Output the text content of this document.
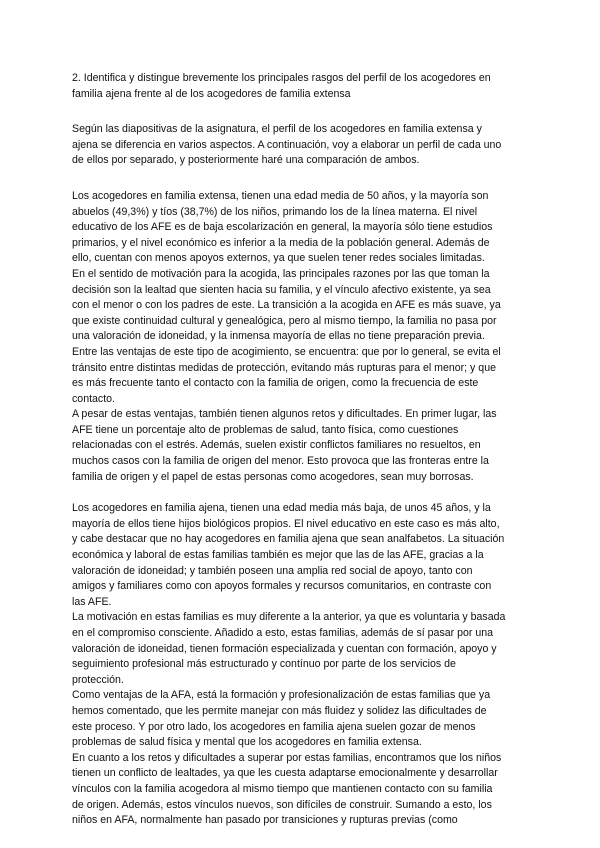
2. Identifica y distingue brevemente los principales rasgos del perfil de los acogedores en
familia ajena frente al de los acogedores de familia extensa
Según las diapositivas de la asignatura, el perfil de los acogedores en familia extensa y
ajena se diferencia en varios aspectos. A continuación, voy a elaborar un perfil de cada uno
de ellos por separado, y posteriormente haré una comparación de ambos.
Los acogedores en familia extensa, tienen una edad media de 50 años, y la mayoría son
abuelos (49,3%) y tíos (38,7%) de los niños, primando los de la línea materna. El nivel
educativo de los AFE es de baja escolarización en general, la mayoría sólo tiene estudios
primarios, y el nivel económico es inferior a la media de la población general. Además de
ello, cuentan con menos apoyos externos, ya que suelen tener redes sociales limitadas.
En el sentido de motivación para la acogida, las principales razones por las que toman la
decisión son la lealtad que sienten hacia su familia, y el vínculo afectivo existente, ya sea
con el menor o con los padres de este. La transición a la acogida en AFE es más suave, ya
que existe continuidad cultural y genealógica, pero al mismo tiempo, la familia no pasa por
una valoración de idoneidad, y la inmensa mayoría de ellas no tiene preparación previa.
Entre las ventajas de este tipo de acogimiento, se encuentra: que por lo general, se evita el
tránsito entre distintas medidas de protección, evitando más rupturas para el menor; y que
es más frecuente tanto el contacto con la familia de origen, como la frecuencia de este
contacto.
A pesar de estas ventajas, también tienen algunos retos y dificultades. En primer lugar, las
AFE tiene un porcentaje alto de problemas de salud, tanto física, como cuestiones
relacionadas con el estrés. Además, suelen existir conflictos familiares no resueltos, en
muchos casos con la familia de origen del menor. Esto provoca que las fronteras entre la
familia de origen y el papel de estas personas como acogedores, sean muy borrosas.
Los acogedores en familia ajena, tienen una edad media más baja, de unos 45 años, y la
mayoría de ellos tiene hijos biológicos propios. El nivel educativo en este caso es más alto,
y cabe destacar que no hay acogedores en familia ajena que sean analfabetos. La situación
económica y laboral de estas familias también es mejor que las de las AFE, gracias a la
valoración de idoneidad; y también poseen una amplia red social de apoyo, tanto con
amigos y familiares como con apoyos formales y recursos comunitarios, en contraste con
las AFE.
La motivación en estas familias es muy diferente a la anterior, ya que es voluntaria y basada
en el compromiso consciente. Añadido a esto, estas familias, además de sí pasar por una
valoración de idoneidad, tienen formación especializada y cuentan con formación, apoyo y
seguimiento profesional más estructurado y contínuo por parte de los servicios de
protección.
Como ventajas de la AFA, está la formación y profesionalización de estas familias que ya
hemos comentado, que les permite manejar con más fluidez y solidez las dificultades de
este proceso. Y por otro lado, los acogedores en familia ajena suelen gozar de menos
problemas de salud física y mental que los acogedores en familia extensa.
En cuanto a los retos y dificultades a superar por estas familias, encontramos que los niños
tienen un conflicto de lealtades, ya que les cuesta adaptarse emocionalmente y desarrollar
vínculos con la familia acogedora al mismo tiempo que mantienen contacto con su familia
de origen. Además, estos vínculos nuevos, son difíciles de construir. Sumando a esto, los
niños en AFA, normalmente han pasado por transiciones y rupturas previas (como
